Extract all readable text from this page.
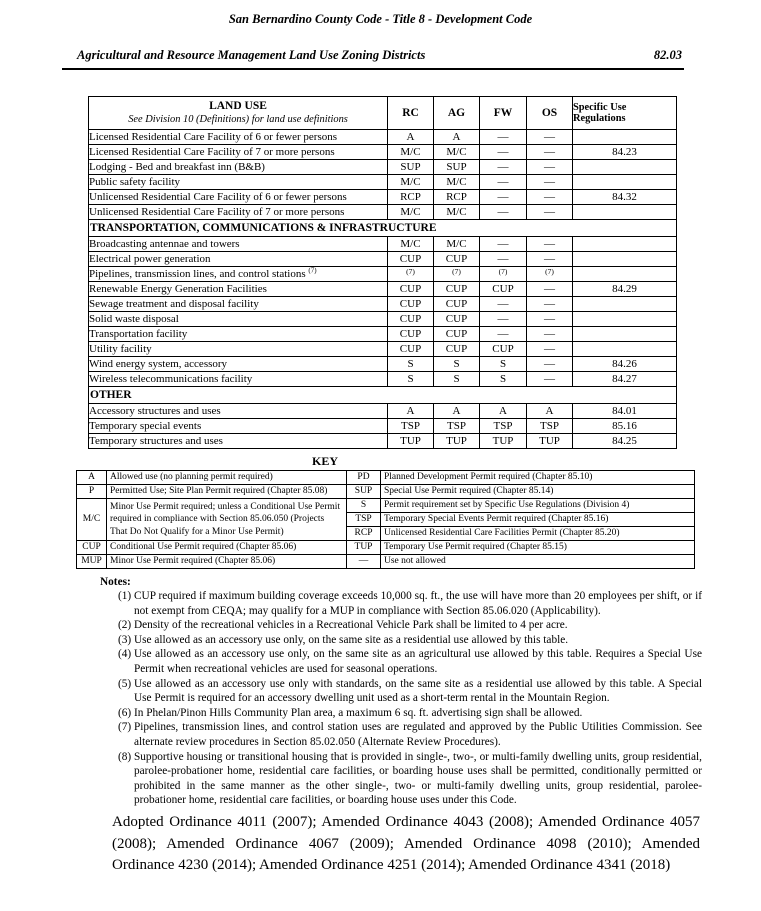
San Bernardino County Code - Title 8 - Development Code
Agricultural and Resource Management Land Use Zoning Districts	82.03
LAND USE
See Division 10 (Definitions) for land use definitions	RC	AG	FW	OS	Specific Use Regulations
Licensed Residential Care Facility of 6 or fewer persons	A	A	—	—	
Licensed Residential Care Facility of 7 or more persons	M/C	M/C	—	—	84.23
Lodging - Bed and breakfast inn (B&B)	SUP	SUP	—	—	
Public safety facility	M/C	M/C	—	—	
Unlicensed Residential Care Facility of 6 or fewer persons	RCP	RCP	—	—	84.32
Unlicensed Residential Care Facility of 7 or more persons	M/C	M/C	—	—	
TRANSPORTATION, COMMUNICATIONS & INFRASTRUCTURE					
Broadcasting antennae and towers	M/C	M/C	—	—	
Electrical power generation	CUP	CUP	—	—	
Pipelines, transmission lines, and control stations $^{(7)}$	(7)	(7)	(7)	(7)	
Renewable Energy Generation Facilities	CUP	CUP	CUP	—	84.29
Sewage treatment and disposal facility	CUP	CUP	—	—	
Solid waste disposal	CUP	CUP	—	—	
Transportation facility	CUP	CUP	—	—	
Utility facility	CUP	CUP	CUP	—	
Wind energy system, accessory	S	S	S	—	84.26
Wireless telecommunications facility	S	S	S	—	84.27
OTHER					
Accessory structures and uses	A	A	A	A	84.01
Temporary special events	TSP	TSP	TSP	TSP	85.16
Temporary structures and uses	TUP	TUP	TUP	TUP	84.25
KEY
A	Allowed use (no planning permit required)	PD	Planned Development Permit required (Chapter 85.10)
P	Permitted Use; Site Plan Permit required (Chapter 85.08)	SUP	Special Use Permit required (Chapter 85.14)
M/C	Minor Use Permit required; unless a Conditional Use Permit required in compliance with Section 85.06.050 (Projects That Do Not Qualify for a Minor Use Permit)	S	Permit requirement set by Specific Use Regulations (Division 4)
		TSP	Temporary Special Events Permit required (Chapter 85.16)
		RCP	Unlicensed Residential Care Facilities Permit (Chapter 85.20)
CUP	Conditional Use Permit required (Chapter 85.06)	TUP	Temporary Use Permit required (Chapter 85.15)
MUP	Minor Use Permit required (Chapter 85.06)	—	Use not allowed
Notes:
(1) CUP required if maximum building coverage exceeds 10,000 sq. ft., the use will have more than 20 employees per shift, or if not exempt from CEQA; may qualify for a MUP in compliance with Section 85.06.020 (Applicability).
(2) Density of the recreational vehicles in a Recreational Vehicle Park shall be limited to 4 per acre.
(3) Use allowed as an accessory use only, on the same site as a residential use allowed by this table.
(4) Use allowed as an accessory use only, on the same site as an agricultural use allowed by this table. Requires a Special Use Permit when recreational vehicles are used for seasonal operations.
(5) Use allowed as an accessory use only with standards, on the same site as a residential use allowed by this table. A Special Use Permit is required for an accessory dwelling unit used as a short-term rental in the Mountain Region.
(6) In Phelan/Pinon Hills Community Plan area, a maximum 6 sq. ft. advertising sign shall be allowed.
(7) Pipelines, transmission lines, and control station uses are regulated and approved by the Public Utilities Commission. See alternate review procedures in Section 85.02.050 (Alternate Review Procedures).
(8) Supportive housing or transitional housing that is provided in single-, two-, or multi-family dwelling units, group residential, parolee-probationer home, residential care facilities, or boarding house uses shall be permitted, conditionally permitted or prohibited in the same manner as the other single-, two- or multi-family dwelling units, group residential, parolee-probationer home, residential care facilities, or boarding house uses under this Code.
Adopted Ordinance 4011 (2007); Amended Ordinance 4043 (2008); Amended Ordinance 4057 (2008); Amended Ordinance 4067 (2009); Amended Ordinance 4098 (2010); Amended Ordinance 4230 (2014); Amended Ordinance 4251 (2014); Amended Ordinance 4341 (2018)
